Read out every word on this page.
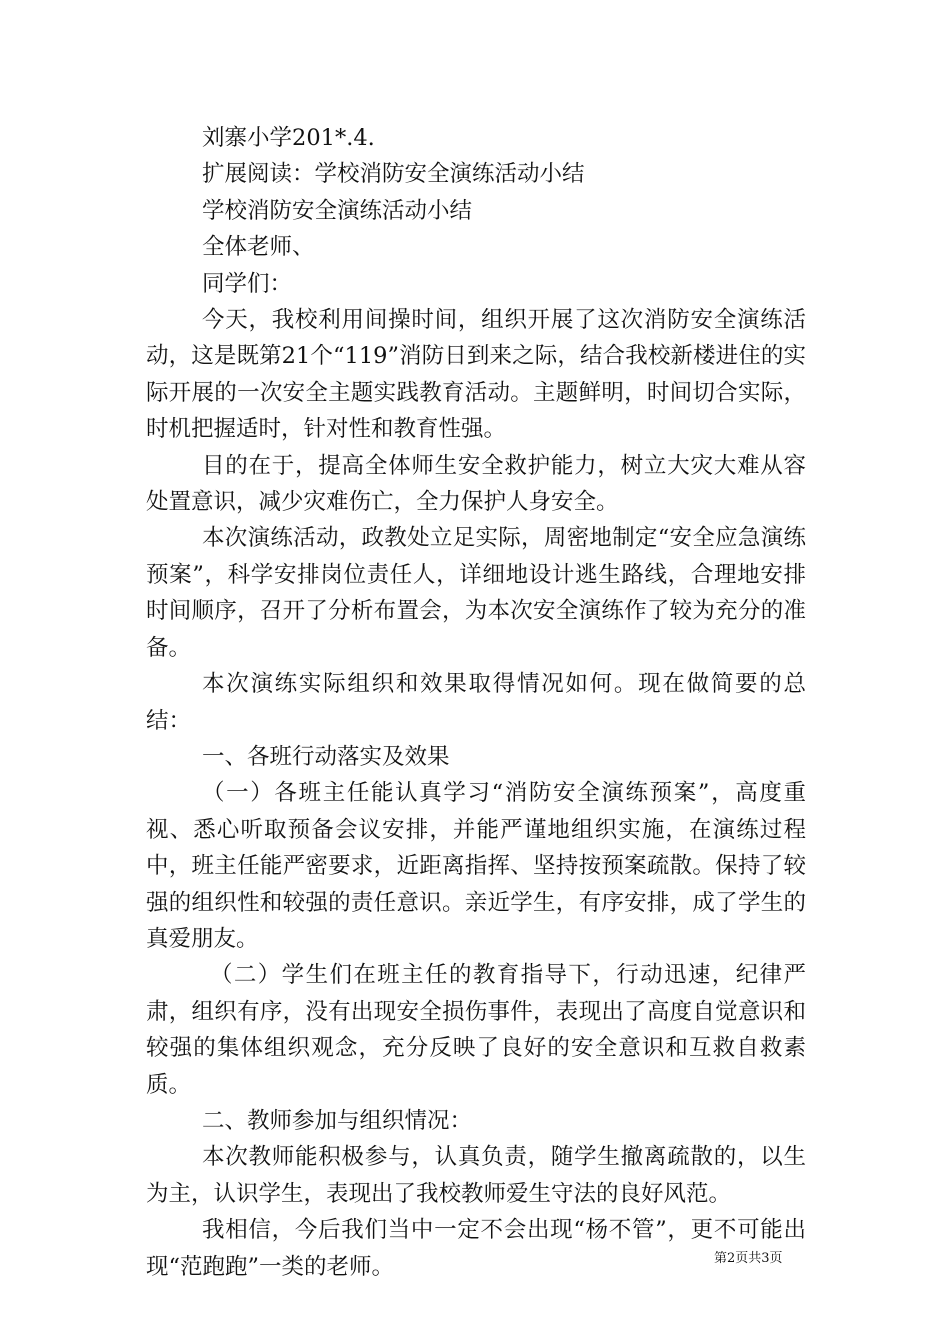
刘寨小学201*.4.
扩展阅读：学校消防安全演练活动小结
学校消防安全演练活动小结
全体老师、
同学们：
今天，我校利用间操时间，组织开展了这次消防安全演练活动，这是既第21个“119”消防日到来之际，结合我校新楼进住的实际开展的一次安全主题实践教育活动。主题鲜明，时间切合实际，时机把握适时，针对性和教育性强。
目的在于，提高全体师生安全救护能力，树立大灾大难从容处置意识，减少灾难伤亡，全力保护人身安全。
本次演练活动，政教处立足实际，周密地制定“安全应急演练预案”，科学安排岗位责任人，详细地设计逃生路线，合理地安排时间顺序，召开了分析布置会，为本次安全演练作了较为充分的准备。
本次演练实际组织和效果取得情况如何。现在做简要的总结：
一、各班行动落实及效果
（一）各班主任能认真学习“消防安全演练预案”，高度重视、悉心听取预备会议安排，并能严谨地组织实施，在演练过程中，班主任能严密要求，近距离指挥、坚持按预案疏散。保持了较强的组织性和较强的责任意识。亲近学生，有序安排，成了学生的真爱朋友。
（二）学生们在班主任的教育指导下，行动迅速，纪律严肃，组织有序，没有出现安全损伤事件，表现出了高度自觉意识和较强的集体组织观念，充分反映了良好的安全意识和互救自救素质。
二、教师参加与组织情况：
本次教师能积极参与，认真负责，随学生撤离疏散的，以生为主，认识学生，表现出了我校教师爱生守法的良好风范。
我相信，今后我们当中一定不会出现“杨不管”，更不可能出现“范跑跑”一类的老师。	第2页共3页
